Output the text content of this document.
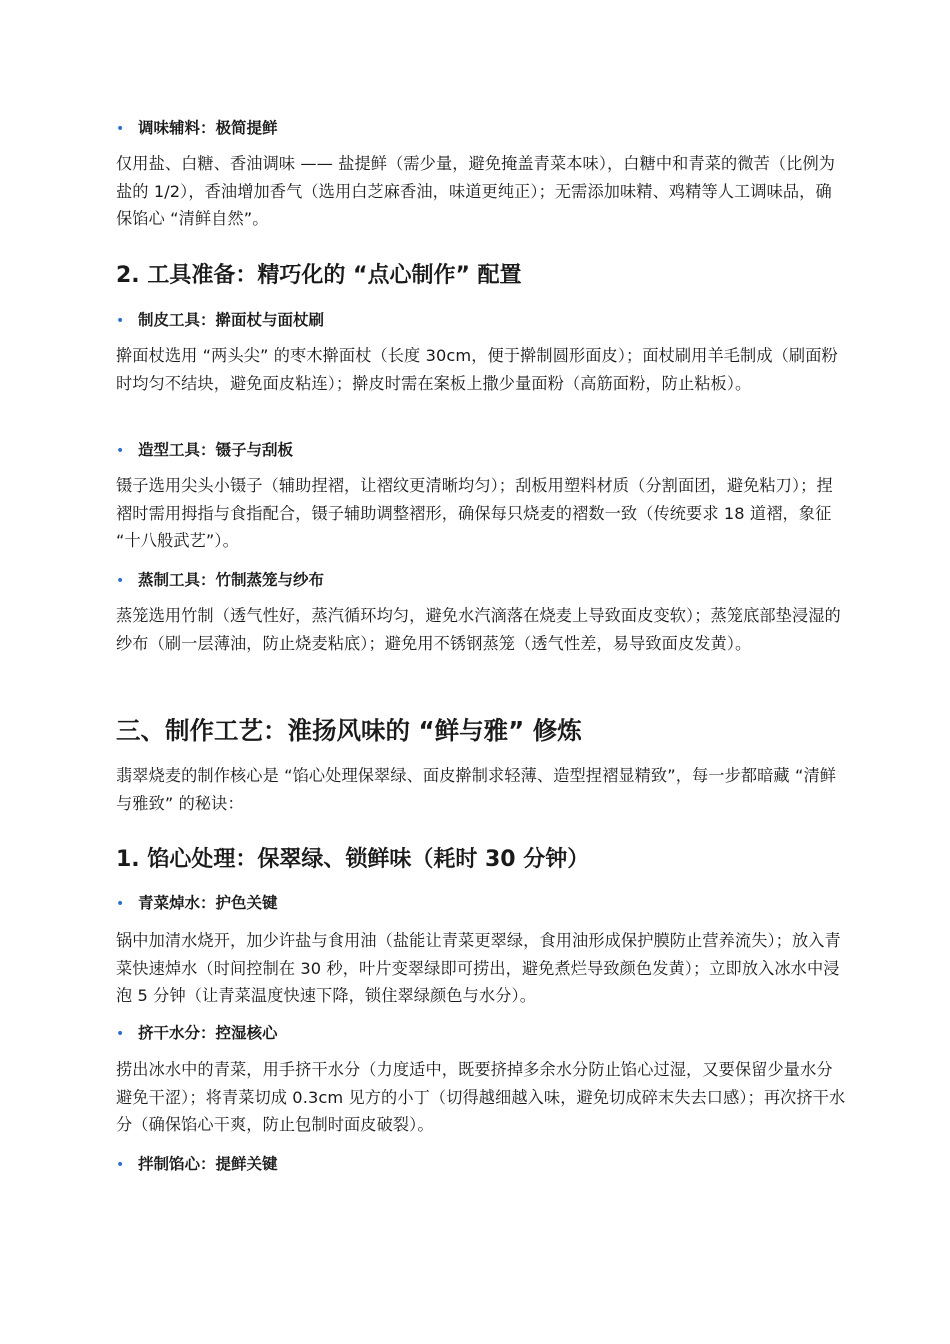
• 调味辅料：极简提鲜
仅用盐、白糖、香油调味 —— 盐提鲜（需少量，避免掩盖青菜本味），白糖中和青菜的微苦（比例为盐的 1/2），香油增加香气（选用白芝麻香油，味道更纯正）；无需添加味精、鸡精等人工调味品，确保馅心 “清鲜自然”。
2. 工具准备：精巧化的 “点心制作” 配置
• 制皮工具：擀面杖与面杖刷
擀面杖选用 “两头尖” 的枣木擀面杖（长度 30cm，便于擀制圆形面皮）；面杖刷用羊毛制成（刷面粉时均匀不结块，避免面皮粘连）；擀皮时需在案板上撒少量面粉（高筋面粉，防止粘板）。
• 造型工具：镊子与刮板
镊子选用尖头小镊子（辅助捏褶，让褶纹更清晰均匀）；刮板用塑料材质（分割面团，避免粘刀）；捏褶时需用拇指与食指配合，镊子辅助调整褶形，确保每只烧麦的褶数一致（传统要求 18 道褶，象征 “十八般武艺”）。
• 蒸制工具：竹制蒸笼与纱布
蒸笼选用竹制（透气性好，蒸汽循环均匀，避免水汽滴落在烧麦上导致面皮变软）；蒸笼底部垫浸湿的纱布（刷一层薄油，防止烧麦粘底）；避免用不锈钢蒸笼（透气性差，易导致面皮发黄）。
三、制作工艺：淮扬风味的 “鲜与雅” 修炼
翡翠烧麦的制作核心是 “馅心处理保翠绿、面皮擀制求轻薄、造型捏褶显精致”，每一步都暗藏 “清鲜与雅致” 的秘诀：
1. 馅心处理：保翠绿、锁鲜味（耗时 30 分钟）
• 青菜焯水：护色关键
锅中加清水烧开，加少许盐与食用油（盐能让青菜更翠绿，食用油形成保护膜防止营养流失）；放入青菜快速焯水（时间控制在 30 秒，叶片变翠绿即可捞出，避免煮烂导致颜色发黄）；立即放入冰水中浸泡 5 分钟（让青菜温度快速下降，锁住翠绿颜色与水分）。
• 挤干水分：控湿核心
捞出冰水中的青菜，用手挤干水分（力度适中，既要挤掉多余水分防止馅心过湿，又要保留少量水分避免干涩）；将青菜切成 0.3cm 见方的小丁（切得越细越入味，避免切成碎末失去口感）；再次挤干水分（确保馅心干爽，防止包制时面皮破裂）。
• 拌制馅心：提鲜关键
